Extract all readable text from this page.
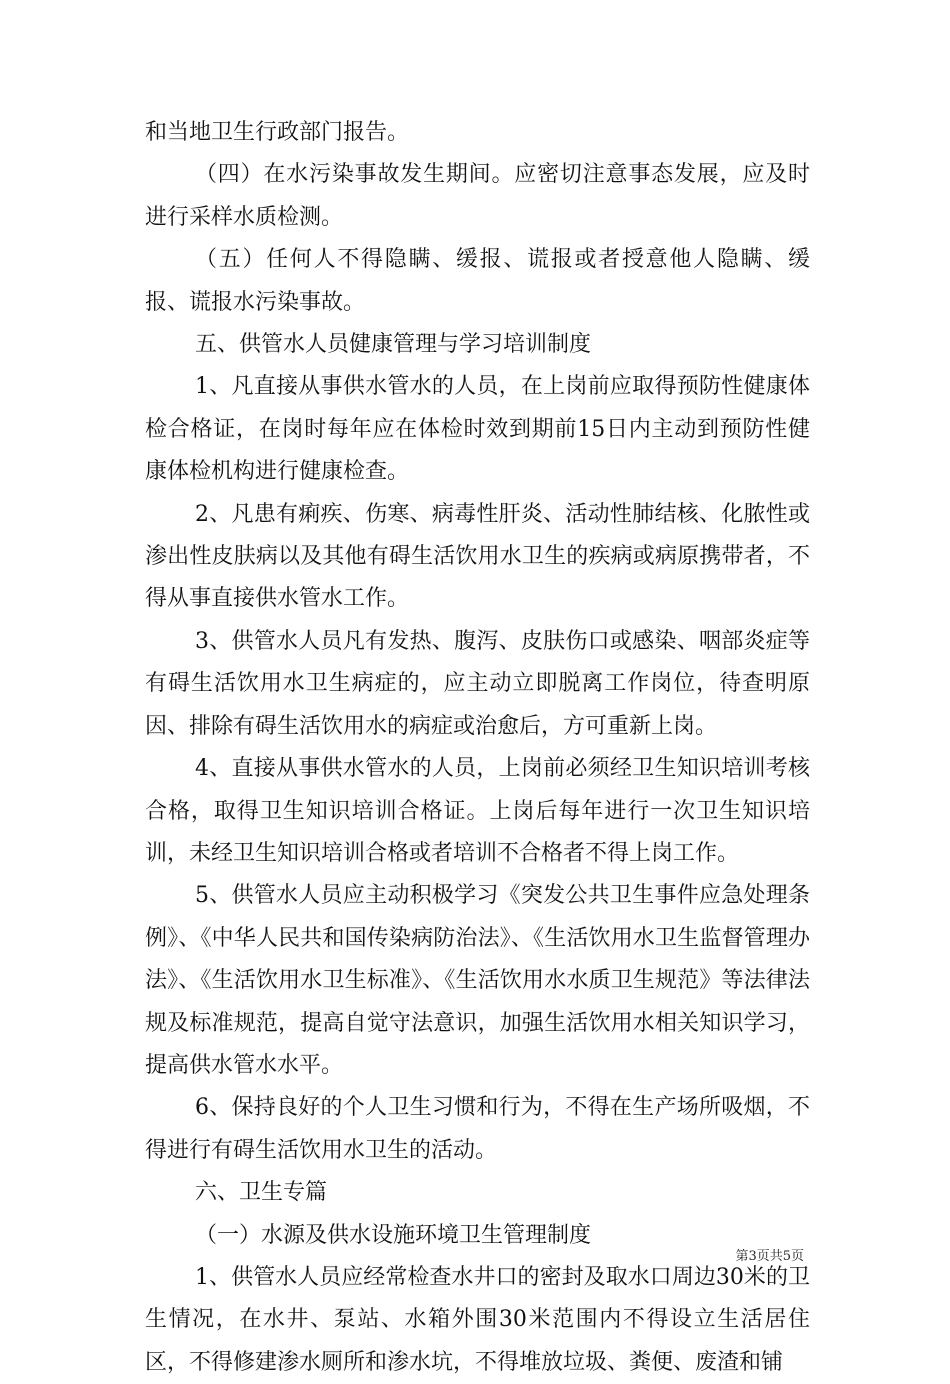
和当地卫生行政部门报告。

（四）在水污染事故发生期间。应密切注意事态发展，应及时进行采样水质检测。

（五）任何人不得隐瞒、缓报、谎报或者授意他人隐瞒、缓报、谎报水污染事故。

五、供管水人员健康管理与学习培训制度

1、凡直接从事供水管水的人员，在上岗前应取得预防性健康体检合格证，在岗时每年应在体检时效到期前15日内主动到预防性健康体检机构进行健康检查。

2、凡患有痢疾、伤寒、病毒性肝炎、活动性肺结核、化脓性或渗出性皮肤病以及其他有碍生活饮用水卫生的疾病或病原携带者，不得从事直接供水管水工作。

3、供管水人员凡有发热、腹泻、皮肤伤口或感染、咽部炎症等有碍生活饮用水卫生病症的，应主动立即脱离工作岗位，待查明原因、排除有碍生活饮用水的病症或治愈后，方可重新上岗。

4、直接从事供水管水的人员，上岗前必须经卫生知识培训考核合格，取得卫生知识培训合格证。上岗后每年进行一次卫生知识培训，未经卫生知识培训合格或者培训不合格者不得上岗工作。

5、供管水人员应主动积极学习《突发公共卫生事件应急处理条例》、《中华人民共和国传染病防治法》、《生活饮用水卫生监督管理办法》、《生活饮用水卫生标准》、《生活饮用水水质卫生规范》等法律法规及标准规范，提高自觉守法意识，加强生活饮用水相关知识学习，提高供水管水水平。

6、保持良好的个人卫生习惯和行为，不得在生产场所吸烟，不得进行有碍生活饮用水卫生的活动。

六、卫生专篇

（一）水源及供水设施环境卫生管理制度

1、供管水人员应经常检查水井口的密封及取水口周边30米的卫生情况，在水井、泵站、水箱外围30米范围内不得设立生活居住区，不得修建渗水厕所和渗水坑，不得堆放垃圾、粪便、废渣和铺

第3页共5页
